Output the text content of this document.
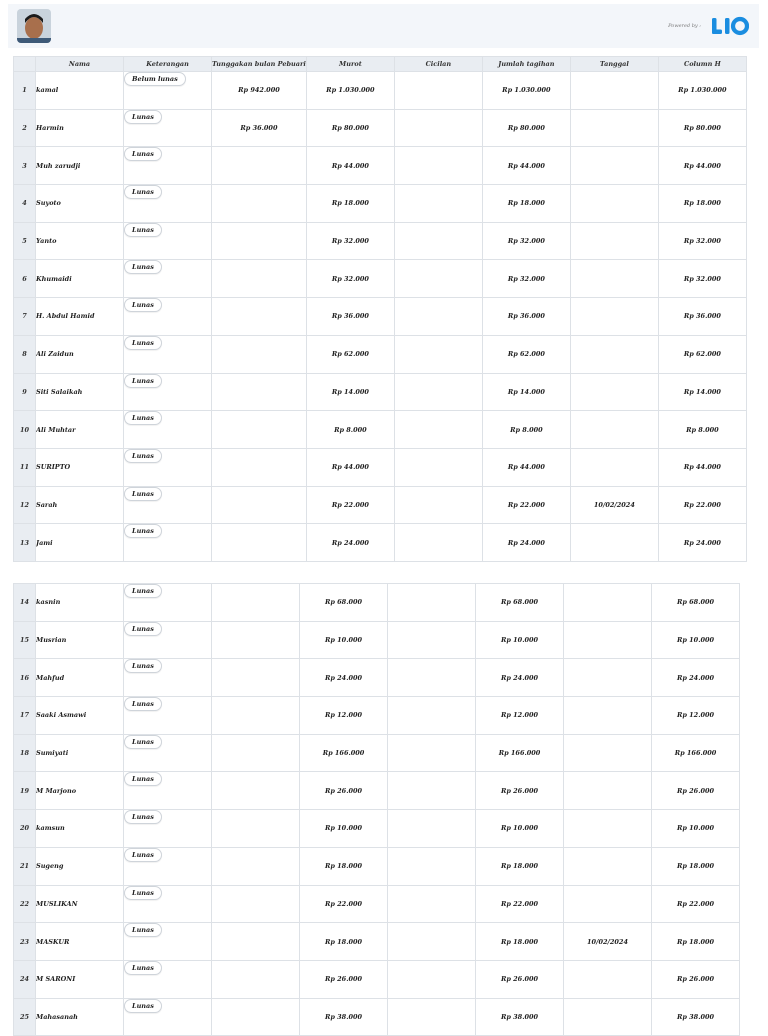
Powered by :
	Nama	Keterangan	Tunggakan bulan Pebuari	Murot	Cicilan	Jumlah tagihan	Tanggal	Column H
1	kamal	Belum lunas	Rp 942.000	Rp 1.030.000		Rp 1.030.000		Rp 1.030.000
2	Harmin	Lunas	Rp 36.000	Rp 80.000		Rp 80.000		Rp 80.000
3	Muh zarudji	Lunas		Rp 44.000		Rp 44.000		Rp 44.000
4	Suyoto	Lunas		Rp 18.000		Rp 18.000		Rp 18.000
5	Yanto	Lunas		Rp 32.000		Rp 32.000		Rp 32.000
6	Khumaidi	Lunas		Rp 32.000		Rp 32.000		Rp 32.000
7	H. Abdul Hamid	Lunas		Rp 36.000		Rp 36.000		Rp 36.000
8	Ali Zaidun	Lunas		Rp 62.000		Rp 62.000		Rp 62.000
9	Siti Salaikah	Lunas		Rp 14.000		Rp 14.000		Rp 14.000
10	Ali Muhtar	Lunas		Rp 8.000		Rp 8.000		Rp 8.000
11	SURIPTO	Lunas		Rp 44.000		Rp 44.000		Rp 44.000
12	Sarah	Lunas		Rp 22.000		Rp 22.000	10/02/2024	Rp 22.000
13	Jami	Lunas		Rp 24.000		Rp 24.000		Rp 24.000
14	kasnin	Lunas		Rp 68.000		Rp 68.000		Rp 68.000
15	Musrian	Lunas		Rp 10.000		Rp 10.000		Rp 10.000
16	Mahfud	Lunas		Rp 24.000		Rp 24.000		Rp 24.000
17	Saaki Asmawi	Lunas		Rp 12.000		Rp 12.000		Rp 12.000
18	Sumiyati	Lunas		Rp 166.000		Rp 166.000		Rp 166.000
19	M Marjono	Lunas		Rp 26.000		Rp 26.000		Rp 26.000
20	kamsun	Lunas		Rp 10.000		Rp 10.000		Rp 10.000
21	Sugeng	Lunas		Rp 18.000		Rp 18.000		Rp 18.000
22	MUSLIKAN	Lunas		Rp 22.000		Rp 22.000		Rp 22.000
23	MASKUR	Lunas		Rp 18.000		Rp 18.000	10/02/2024	Rp 18.000
24	M SARONI	Lunas		Rp 26.000		Rp 26.000		Rp 26.000
25	Mahasanah	Lunas		Rp 38.000		Rp 38.000		Rp 38.000
